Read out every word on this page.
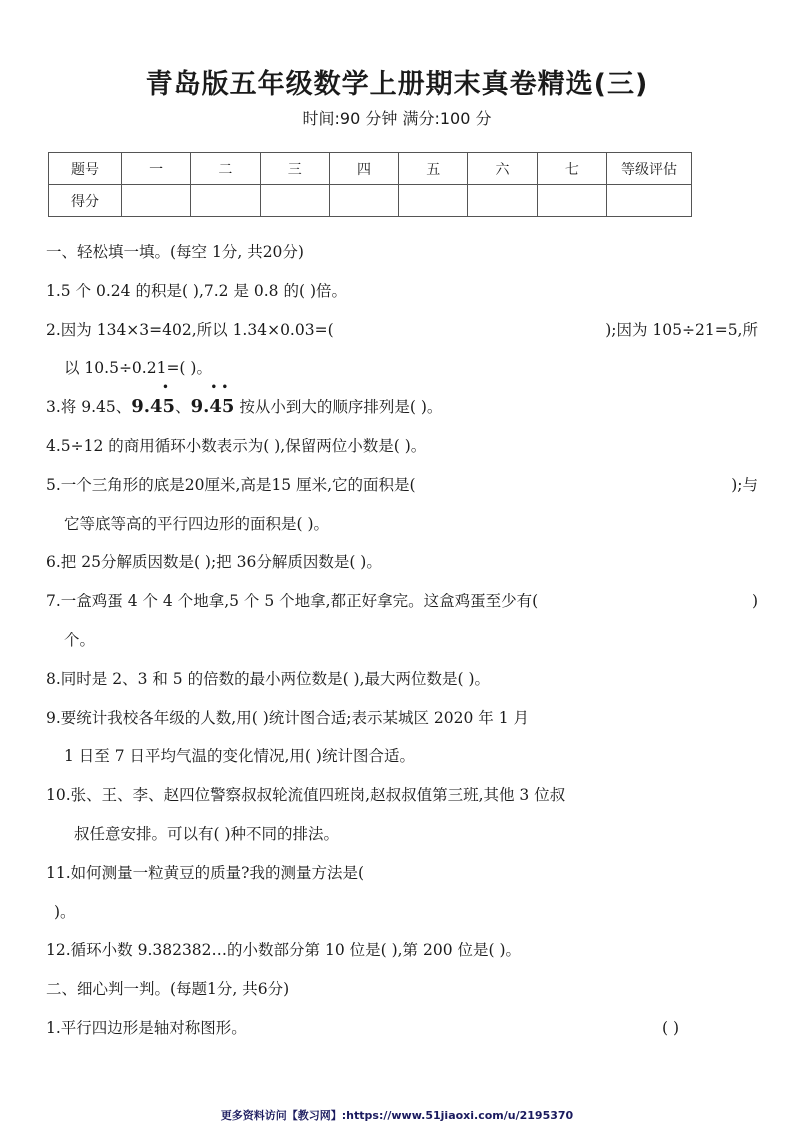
青岛版五年级数学上册期末真卷精选(三)
时间:90 分钟 满分:100 分
题号	一	二	三	四	五	六	七	等级评估
得分								
一、轻松填一填。(每空 1分, 共20分)
1.5 个 0.24 的积是( ),7.2 是 0.8 的( )倍。
2.因为 134×3=402,所以 1.34×0.03=(	);因为 105÷21=5,所
以 10.5÷0.21=( )。
3.将 9.45、9.45
•
、9.45
• •
按从小到大的顺序排列是( )。
4.5÷12 的商用循环小数表示为( ),保留两位小数是( )。
5.一个三角形的底是20厘米,高是15 厘米,它的面积是(	);与
它等底等高的平行四边形的面积是( )。
6.把 25分解质因数是( );把 36分解质因数是( )。
7.一盒鸡蛋 4 个 4 个地拿,5 个 5 个地拿,都正好拿完。这盒鸡蛋至少有(	)
个。
8.同时是 2、3 和 5 的倍数的最小两位数是( ),最大两位数是( )。
9.要统计我校各年级的人数,用( )统计图合适;表示某城区 2020 年 1 月
1 日至 7 日平均气温的变化情况,用( )统计图合适。
10.张、王、李、赵四位警察叔叔轮流值四班岗,赵叔叔值第三班,其他 3 位叔
叔任意安排。可以有( )种不同的排法。
11.如何测量一粒黄豆的质量?我的测量方法是(
)。
12.循环小数 9.382382…的小数部分第 10 位是( ),第 200 位是( )。
二、细心判一判。(每题1分, 共6分)
1.平行四边形是轴对称图形。	( )
更多资料访问【教习网】:https://www.51jiaoxi.com/u/2195370
